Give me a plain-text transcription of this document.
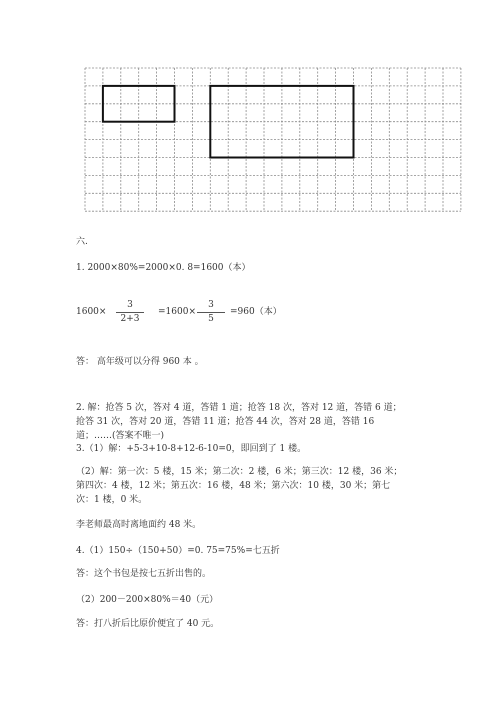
六.
1. 2000×80%=2000×0. 8=1600（本）
1600×
3
2+3
=1600×
3
5
=960（本）
答： 高年级可以分得 960 本 。
2. 解：抢答 5 次，答对 4 道，答错 1 道；抢答 18 次，答对 12 道，答错 6 道；
抢答 31 次，答对 20 道，答错 11 道；抢答 44 次，答对 28 道，答错 16
道；……(答案不唯一)
3.（1）解：+5-3+10-8+12-6-10=0，即回到了 1 楼。
（2）解：第一次：5 楼，15 米；第二次：2 楼，6 米；第三次：12 楼，36 米；
第四次：4 楼，12 米；第五次：16 楼，48 米；第六次：10 楼，30 米；第七
次：1 楼，0 米。
李老师最高时离地面约 48 米。
4.（1）150÷（150+50）=0. 75=75%=七五折
答：这个书包是按七五折出售的。
（2）200－200×80%＝40（元）
答：打八折后比原价便宜了 40 元。
